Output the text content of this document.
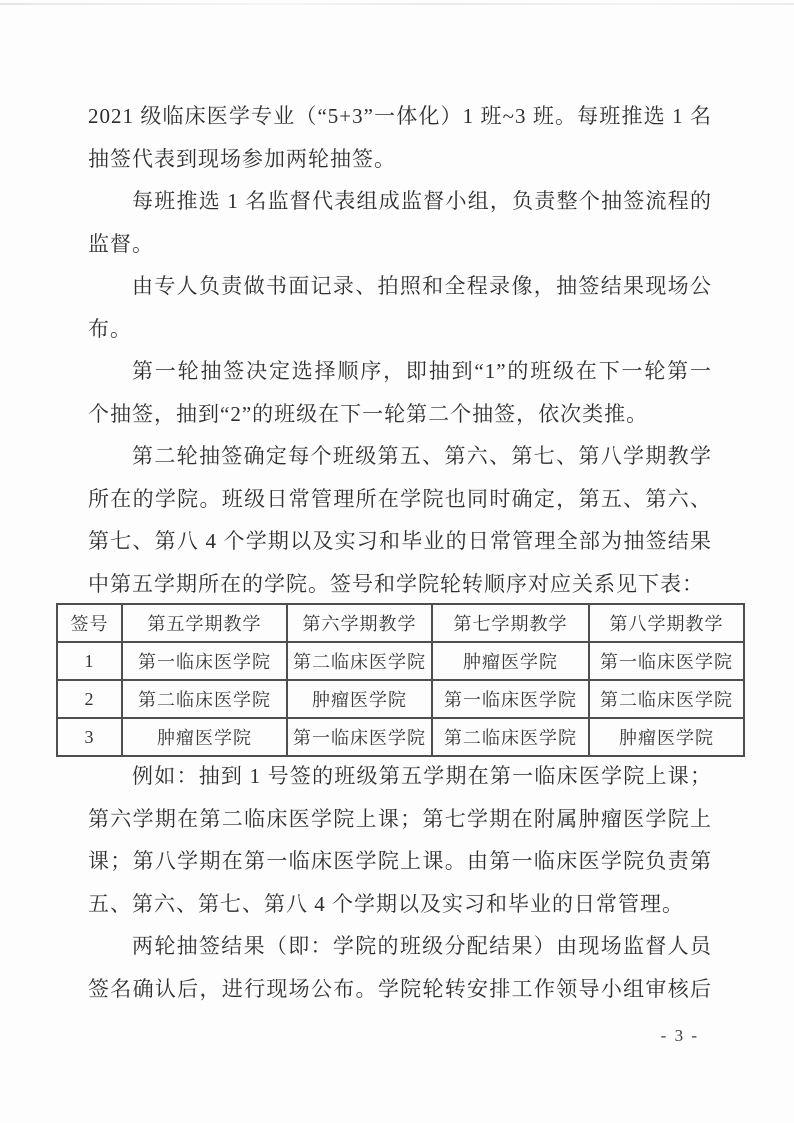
2021 级临床医学专业（“5+3”一体化）1 班~3 班。每班推选 1 名
抽签代表到现场参加两轮抽签。
每班推选 1 名监督代表组成监督小组，负责整个抽签流程的
监督。
由专人负责做书面记录、拍照和全程录像，抽签结果现场公
布。
第一轮抽签决定选择顺序，即抽到“1”的班级在下一轮第一
个抽签，抽到“2”的班级在下一轮第二个抽签，依次类推。
第二轮抽签确定每个班级第五、第六、第七、第八学期教学
所在的学院。班级日常管理所在学院也同时确定，第五、第六、
第七、第八 4 个学期以及实习和毕业的日常管理全部为抽签结果
中第五学期所在的学院。签号和学院轮转顺序对应关系见下表：
签号	第五学期教学	第六学期教学	第七学期教学	第八学期教学
1	第一临床医学院	第二临床医学院	肿瘤医学院	第一临床医学院
2	第二临床医学院	肿瘤医学院	第一临床医学院	第二临床医学院
3	肿瘤医学院	第一临床医学院	第二临床医学院	肿瘤医学院
例如：抽到 1 号签的班级第五学期在第一临床医学院上课；
第六学期在第二临床医学院上课；第七学期在附属肿瘤医学院上
课；第八学期在第一临床医学院上课。由第一临床医学院负责第
五、第六、第七、第八 4 个学期以及实习和毕业的日常管理。
两轮抽签结果（即：学院的班级分配结果）由现场监督人员
签名确认后，进行现场公布。学院轮转安排工作领导小组审核后
- 3 -
